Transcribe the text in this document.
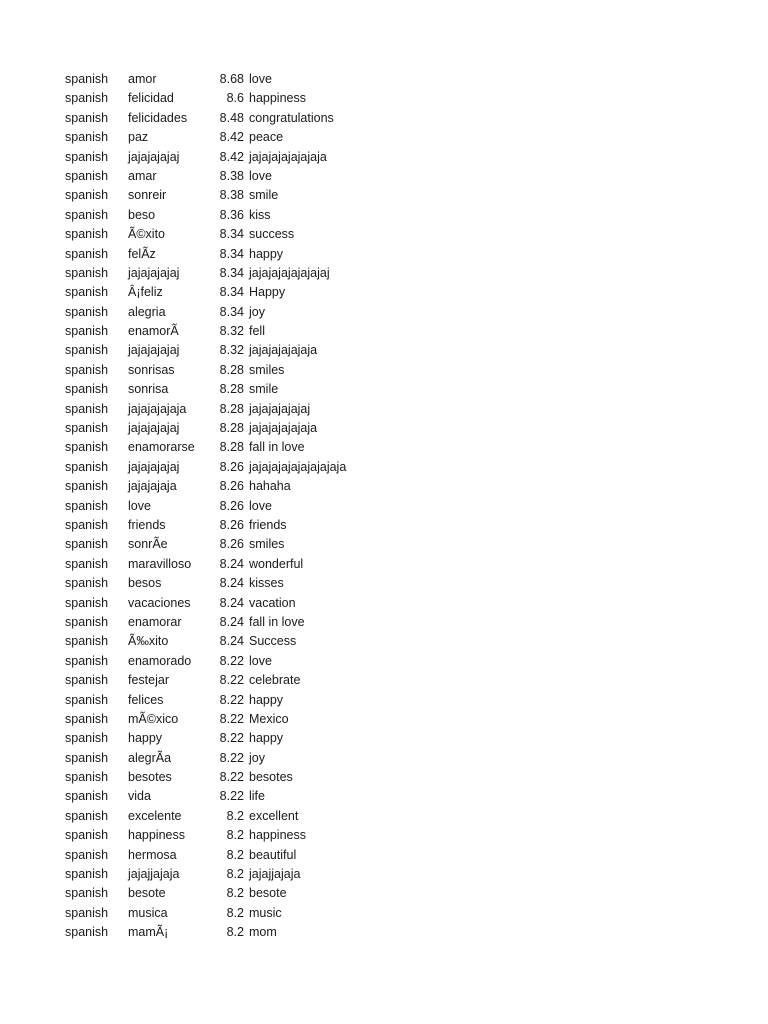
spanish	amor	8.68 love
spanish	felicidad	8.6 happiness
spanish	felicidades	8.48 congratulations
spanish	paz	8.42 peace
spanish	jajajajajaj	8.42 jajajajajajajaja
spanish	amar	8.38 love
spanish	sonreir	8.38 smile
spanish	beso	8.36 kiss
spanish	Ã©xito	8.34 success
spanish	felÃz	8.34 happy
spanish	jajajajajaj	8.34 jajajajajajajajaj
spanish	Â¡feliz	8.34 Happy
spanish	alegria	8.34 joy
spanish	enamorÃ	8.32 fell
spanish	jajajajajaj	8.32 jajajajajajaja
spanish	sonrisas	8.28 smiles
spanish	sonrisa	8.28 smile
spanish	jajajajajaja	8.28 jajajajajajaj
spanish	jajajajajaj	8.28 jajajajajajaja
spanish	enamorarse	8.28 fall in love
spanish	jajajajajaj	8.26 jajajajajajajajajaja
spanish	jajajajaja	8.26 hahaha
spanish	love	8.26 love
spanish	friends	8.26 friends
spanish	sonrÃe	8.26 smiles
spanish	maravilloso	8.24 wonderful
spanish	besos	8.24 kisses
spanish	vacaciones	8.24 vacation
spanish	enamorar	8.24 fall in love
spanish	Ã‰xito	8.24 Success
spanish	enamorado	8.22 love
spanish	festejar	8.22 celebrate
spanish	felices	8.22 happy
spanish	mÃ©xico	8.22 Mexico
spanish	happy	8.22 happy
spanish	alegrÃa	8.22 joy
spanish	besotes	8.22 besotes
spanish	vida	8.22 life
spanish	excelente	8.2 excellent
spanish	happiness	8.2 happiness
spanish	hermosa	8.2 beautiful
spanish	jajajjajaja	8.2 jajajjajaja
spanish	besote	8.2 besote
spanish	musica	8.2 music
spanish	mamÃ¡	8.2 mom
